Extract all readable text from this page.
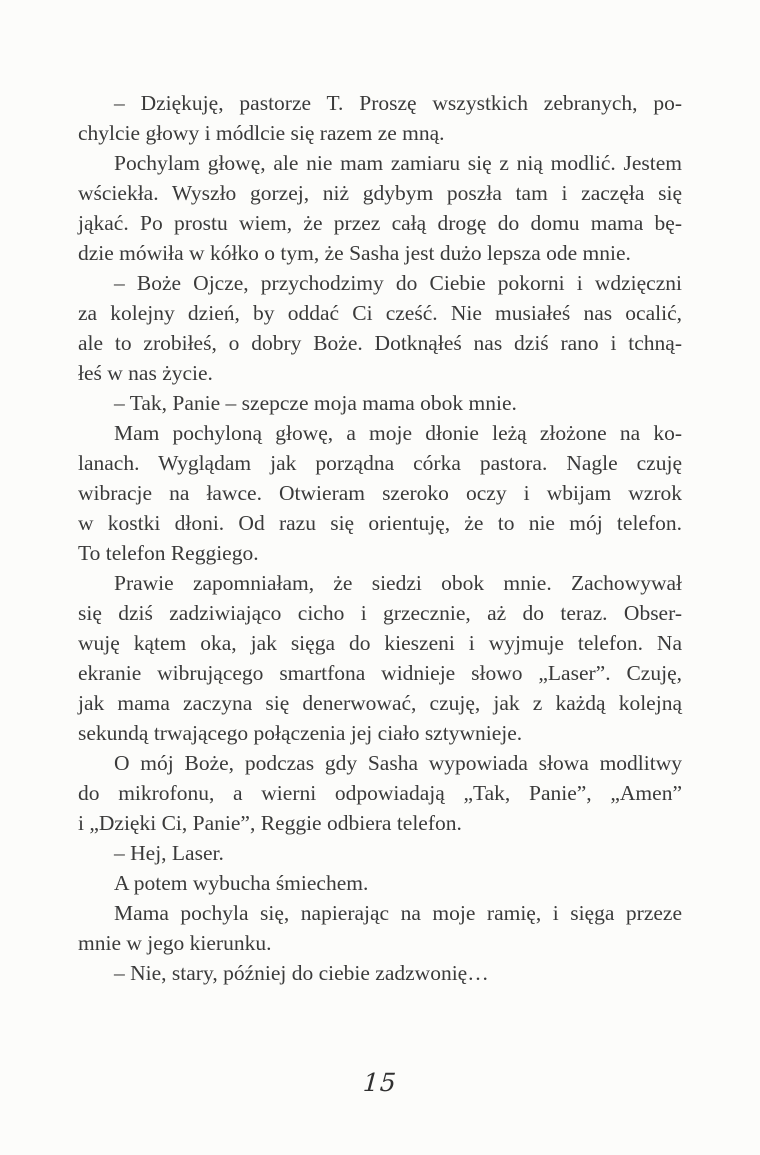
– Dziękuję, pastorze T. Proszę wszystkich zebranych, po-
chylcie głowy i módlcie się razem ze mną.
Pochylam głowę, ale nie mam zamiaru się z nią modlić. Jestem
wściekła. Wyszło gorzej, niż gdybym poszła tam i zaczęła się
jąkać. Po prostu wiem, że przez całą drogę do domu mama bę-
dzie mówiła w kółko o tym, że Sasha jest dużo lepsza ode mnie.
– Boże Ojcze, przychodzimy do Ciebie pokorni i wdzięczni
za kolejny dzień, by oddać Ci cześć. Nie musiałeś nas ocalić,
ale to zrobiłeś, o dobry Boże. Dotknąłeś nas dziś rano i tchną-
łeś w nas życie.
– Tak, Panie – szepcze moja mama obok mnie.
Mam pochyloną głowę, a moje dłonie leżą złożone na ko-
lanach. Wyglądam jak porządna córka pastora. Nagle czuję
wibracje na ławce. Otwieram szeroko oczy i wbijam wzrok
w kostki dłoni. Od razu się orientuję, że to nie mój telefon.
To telefon Reggiego.
Prawie zapomniałam, że siedzi obok mnie. Zachowywał
się dziś zadziwiająco cicho i grzecznie, aż do teraz. Obser-
wuję kątem oka, jak sięga do kieszeni i wyjmuje telefon. Na
ekranie wibrującego smartfona widnieje słowo „Laser”. Czuję,
jak mama zaczyna się denerwować, czuję, jak z każdą kolejną
sekundą trwającego połączenia jej ciało sztywnieje.
O mój Boże, podczas gdy Sasha wypowiada słowa modlitwy
do mikrofonu, a wierni odpowiadają „Tak, Panie”, „Amen”
i „Dzięki Ci, Panie”, Reggie odbiera telefon.
– Hej, Laser.
A potem wybucha śmiechem.
Mama pochyla się, napierając na moje ramię, i sięga przeze
mnie w jego kierunku.
– Nie, stary, później do ciebie zadzwonię…
15
